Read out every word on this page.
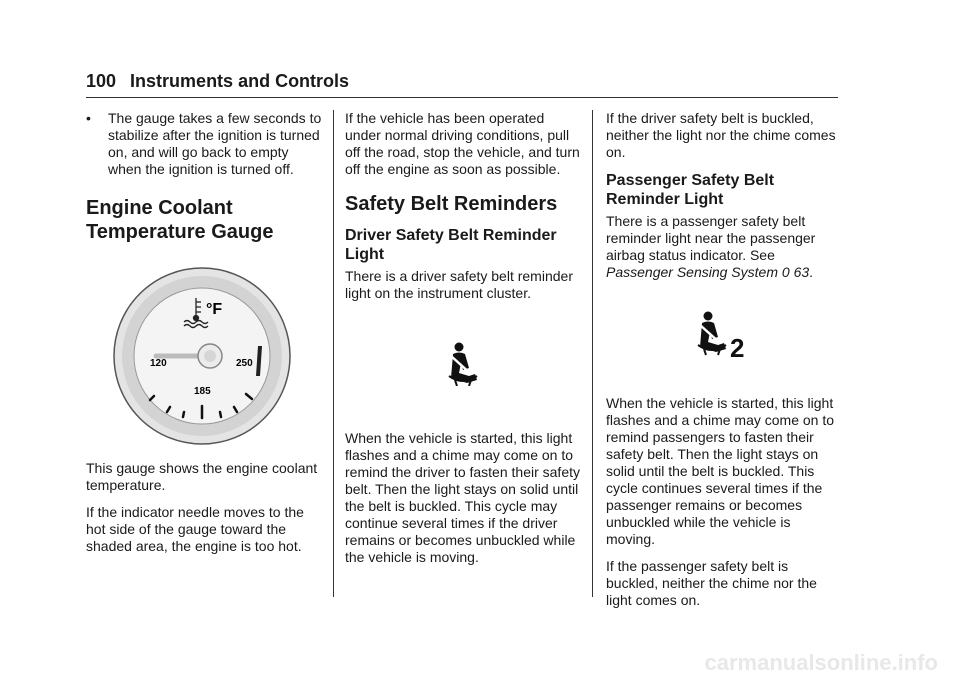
100 Instruments and Controls
•	The gauge takes a few seconds to stabilize after the ignition is turned on, and will go back to empty when the ignition is turned off.
Engine Coolant
Temperature Gauge
120
185
250
°F

This gauge shows the engine coolant temperature.

If the indicator needle moves to the hot side of the gauge toward the shaded area, the engine is too hot.

If the vehicle has been operated under normal driving conditions, pull off the road, stop the vehicle, and turn off the engine as soon as possible.

Safety Belt Reminders
Driver Safety Belt Reminder
Light

There is a driver safety belt reminder light on the instrument cluster.

When the vehicle is started, this light flashes and a chime may come on to remind the driver to fasten their safety belt. Then the light stays on solid until the belt is buckled. This cycle may continue several times if the driver remains or becomes unbuckled while the vehicle is moving.

If the driver safety belt is buckled, neither the light nor the chime comes on.

Passenger Safety Belt
Reminder Light

There is a passenger safety belt reminder light near the passenger airbag status indicator. See Passenger Sensing System 0 63.

2

When the vehicle is started, this light flashes and a chime may come on to remind passengers to fasten their safety belt. Then the light stays on solid until the belt is buckled. This cycle continues several times if the passenger remains or becomes unbuckled while the vehicle is moving.

If the passenger safety belt is buckled, neither the chime nor the light comes on.

carmanualsonline.info
